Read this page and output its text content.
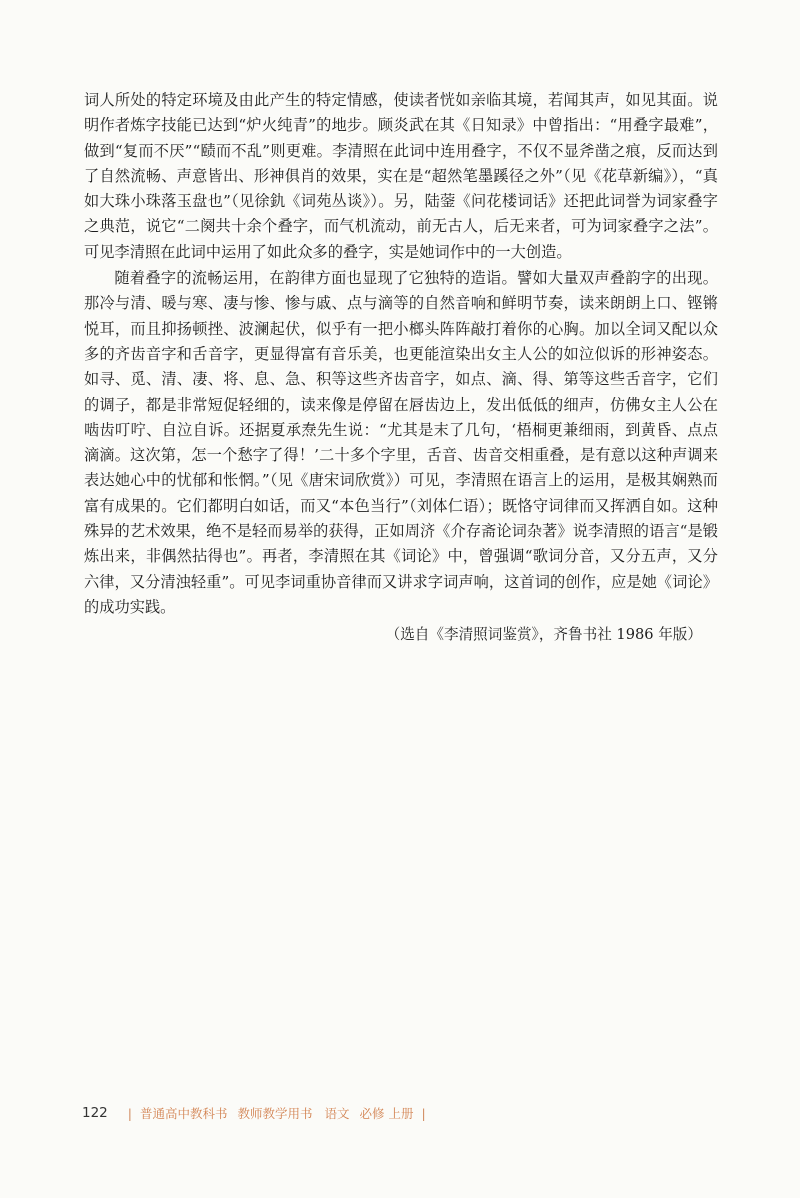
词人所处的特定环境及由此产生的特定情感，使读者恍如亲临其境，若闻其声，如见其面。说明作者炼字技能已达到“炉火纯青”的地步。顾炎武在其《日知录》中曾指出：“用叠字最难”，做到“复而不厌”“赜而不乱”则更难。李清照在此词中连用叠字，不仅不显斧凿之痕，反而达到了自然流畅、声意皆出、形神俱肖的效果，实在是“超然笔墨蹊径之外”（见《花草新编》），“真如大珠小珠落玉盘也”（见徐釚《词苑丛谈》）。另，陆蓥《问花楼词话》还把此词誉为词家叠字之典范，说它“二阕共十余个叠字，而气机流动，前无古人，后无来者，可为词家叠字之法”。可见李清照在此词中运用了如此众多的叠字，实是她词作中的一大创造。

随着叠字的流畅运用，在韵律方面也显现了它独特的造诣。譬如大量双声叠韵字的出现。那冷与清、暖与寒、凄与惨、惨与戚、点与滴等的自然音响和鲜明节奏，读来朗朗上口、铿锵悦耳，而且抑扬顿挫、波澜起伏，似乎有一把小榔头阵阵敲打着你的心胸。加以全词又配以众多的齐齿音字和舌音字，更显得富有音乐美，也更能渲染出女主人公的如泣似诉的形神姿态。如寻、觅、清、凄、将、息、急、积等这些齐齿音字，如点、滴、得、第等这些舌音字，它们的调子，都是非常短促轻细的，读来像是停留在唇齿边上，发出低低的细声，仿佛女主人公在啮齿叮咛、自泣自诉。还据夏承焘先生说：“尤其是末了几句，‘梧桐更兼细雨，到黄昏、点点滴滴。这次第，怎一个愁字了得！’二十多个字里，舌音、齿音交相重叠，是有意以这种声调来表达她心中的忧郁和怅惘。”（见《唐宋词欣赏》）可见，李清照在语言上的运用，是极其娴熟而富有成果的。它们都明白如话，而又“本色当行”（刘体仁语）；既恪守词律而又挥洒自如。这种殊异的艺术效果，绝不是轻而易举的获得，正如周济《介存斋论词杂著》说李清照的语言“是锻炼出来，非偶然拈得也”。再者，李清照在其《词论》中，曾强调“歌词分音，又分五声，又分六律，又分清浊轻重”。可见李词重协音律而又讲求字词声响，这首词的创作，应是她《词论》的成功实践。

（选自《李清照词鉴赏》，齐鲁书社 1986 年版）

122 | 普通高中教科书 教师教学用书 语文 必修 上册 |
